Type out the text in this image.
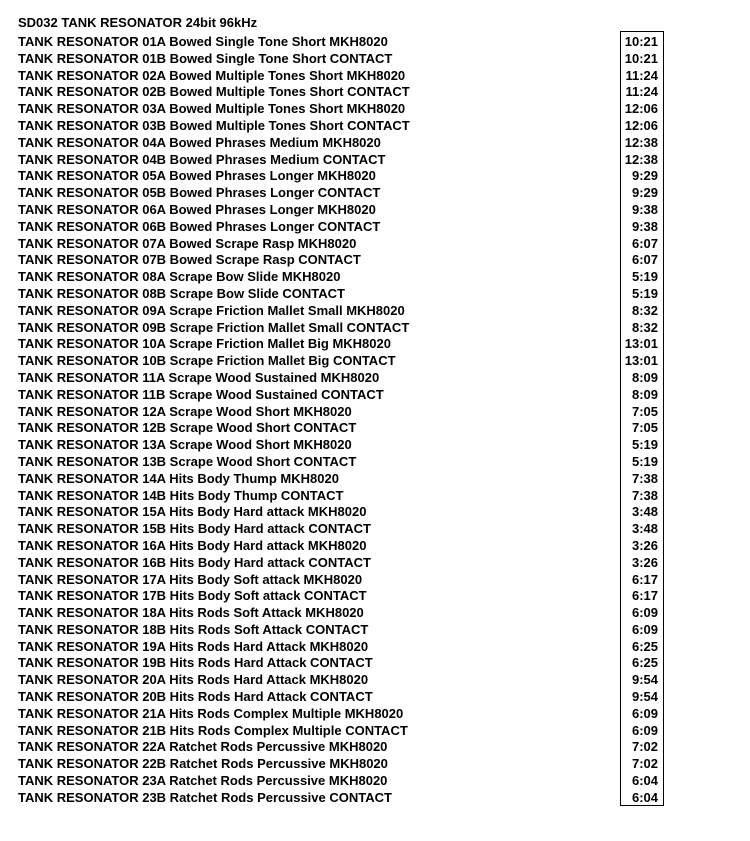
SD032 TANK RESONATOR 24bit 96kHz
TANK RESONATOR 01A Bowed Single Tone Short MKH8020
TANK RESONATOR 01B Bowed Single Tone Short CONTACT
TANK RESONATOR 02A Bowed Multiple Tones Short MKH8020
TANK RESONATOR 02B Bowed Multiple Tones Short CONTACT
TANK RESONATOR 03A Bowed Multiple Tones Short MKH8020
TANK RESONATOR 03B Bowed Multiple Tones Short CONTACT
TANK RESONATOR 04A Bowed Phrases Medium MKH8020
TANK RESONATOR 04B Bowed Phrases Medium CONTACT
TANK RESONATOR 05A Bowed Phrases Longer MKH8020
TANK RESONATOR 05B Bowed Phrases Longer CONTACT
TANK RESONATOR 06A Bowed Phrases Longer MKH8020
TANK RESONATOR 06B Bowed Phrases Longer CONTACT
TANK RESONATOR 07A Bowed Scrape Rasp MKH8020
TANK RESONATOR 07B Bowed Scrape Rasp CONTACT
TANK RESONATOR 08A Scrape Bow Slide MKH8020
TANK RESONATOR 08B Scrape Bow Slide CONTACT
TANK RESONATOR 09A Scrape Friction Mallet Small MKH8020
TANK RESONATOR 09B Scrape Friction Mallet Small CONTACT
TANK RESONATOR 10A Scrape Friction Mallet Big MKH8020
TANK RESONATOR 10B Scrape Friction Mallet Big CONTACT
TANK RESONATOR 11A Scrape Wood Sustained MKH8020
TANK RESONATOR 11B Scrape Wood Sustained CONTACT
TANK RESONATOR 12A Scrape Wood Short MKH8020
TANK RESONATOR 12B Scrape Wood Short CONTACT
TANK RESONATOR 13A Scrape Wood Short MKH8020
TANK RESONATOR 13B Scrape Wood Short CONTACT
TANK RESONATOR 14A Hits Body Thump MKH8020
TANK RESONATOR 14B Hits Body Thump CONTACT
TANK RESONATOR 15A Hits Body Hard attack MKH8020
TANK RESONATOR 15B Hits Body Hard attack CONTACT
TANK RESONATOR 16A Hits Body Hard attack MKH8020
TANK RESONATOR 16B Hits Body Hard attack CONTACT
TANK RESONATOR 17A Hits Body Soft attack MKH8020
TANK RESONATOR 17B Hits Body Soft attack CONTACT
TANK RESONATOR 18A Hits Rods Soft Attack MKH8020
TANK RESONATOR 18B Hits Rods Soft Attack CONTACT
TANK RESONATOR 19A Hits Rods Hard Attack MKH8020
TANK RESONATOR 19B Hits Rods Hard Attack CONTACT
TANK RESONATOR 20A Hits Rods Hard Attack MKH8020
TANK RESONATOR 20B Hits Rods Hard Attack CONTACT
TANK RESONATOR 21A Hits Rods Complex Multiple MKH8020
TANK RESONATOR 21B Hits Rods Complex Multiple CONTACT
TANK RESONATOR 22A Ratchet Rods Percussive MKH8020
TANK RESONATOR 22B Ratchet Rods Percussive MKH8020
TANK RESONATOR 23A Ratchet Rods Percussive MKH8020
TANK RESONATOR 23B Ratchet Rods Percussive CONTACT
10:21
10:21
11:24
11:24
12:06
12:06
12:38
12:38
9:29
9:29
9:38
9:38
6:07
6:07
5:19
5:19
8:32
8:32
13:01
13:01
8:09
8:09
7:05
7:05
5:19
5:19
7:38
7:38
3:48
3:48
3:26
3:26
6:17
6:17
6:09
6:09
6:25
6:25
9:54
9:54
6:09
6:09
7:02
7:02
6:04
6:04
